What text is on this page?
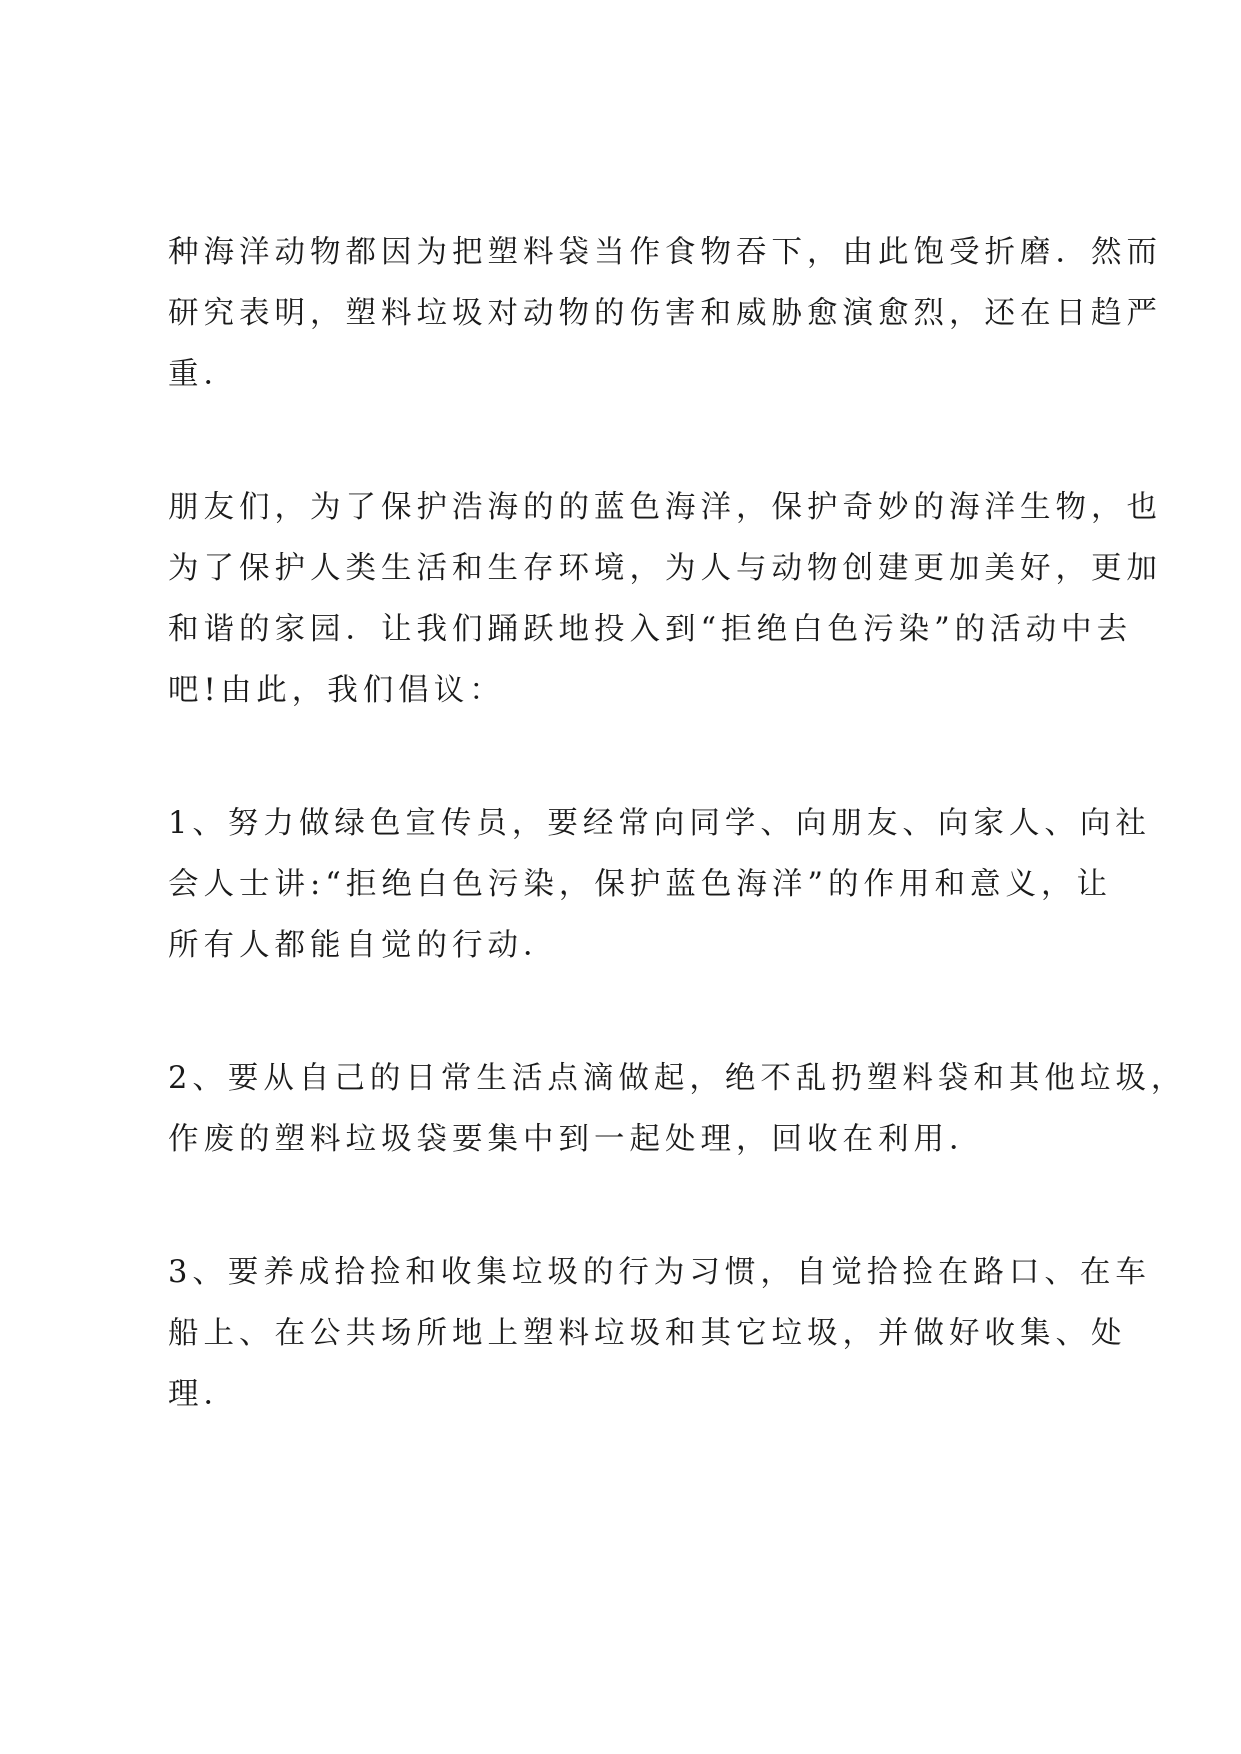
种海洋动物都因为把塑料袋当作食物吞下，由此饱受折磨．然而
研究表明，塑料垃圾对动物的伤害和威胁愈演愈烈，还在日趋严
重．

朋友们，为了保护浩海的的蓝色海洋，保护奇妙的海洋生物，也
为了保护人类生活和生存环境，为人与动物创建更加美好，更加
和谐的家园．让我们踊跃地投入到“拒绝白色污染”的活动中去
吧!由此，我们倡议：

1、努力做绿色宣传员，要经常向同学、向朋友、向家人、向社
会人士讲:“拒绝白色污染，保护蓝色海洋”的作用和意义，让
所有人都能自觉的行动．

2、要从自己的日常生活点滴做起，绝不乱扔塑料袋和其他垃圾，
作废的塑料垃圾袋要集中到一起处理，回收在利用．

3、要养成拾捡和收集垃圾的行为习惯，自觉拾捡在路口、在车
船上、在公共场所地上塑料垃圾和其它垃圾，并做好收集、处
理．
